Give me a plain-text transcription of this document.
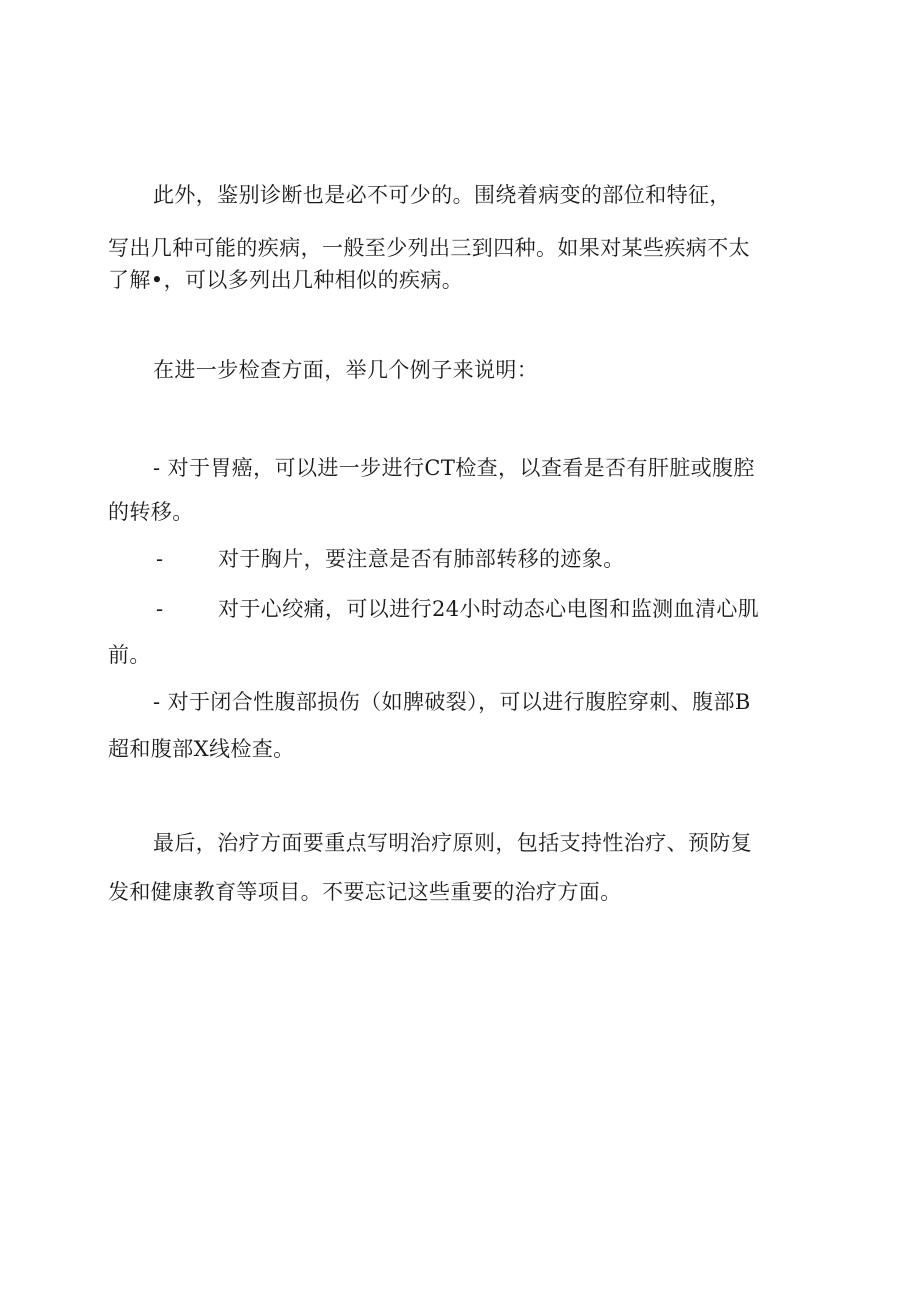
此外，鉴别诊断也是必不可少的。围绕着病变的部位和特征，
写出几种可能的疾病，一般至少列出三到四种。如果对某些疾病不太
了解•，可以多列出几种相似的疾病。
在进一步检查方面，举几个例子来说明：
- 对于胃癌，可以进一步进行CT检查，以查看是否有肝脏或腹腔
的转移。
-	对于胸片，要注意是否有肺部转移的迹象。
-	对于心绞痛，可以进行24小时动态心电图和监测血清心肌
前。
- 对于闭合性腹部损伤（如脾破裂），可以进行腹腔穿刺、腹部B
超和腹部X线检查。
最后，治疗方面要重点写明治疗原则，包括支持性治疗、预防复
发和健康教育等项目。不要忘记这些重要的治疗方面。
